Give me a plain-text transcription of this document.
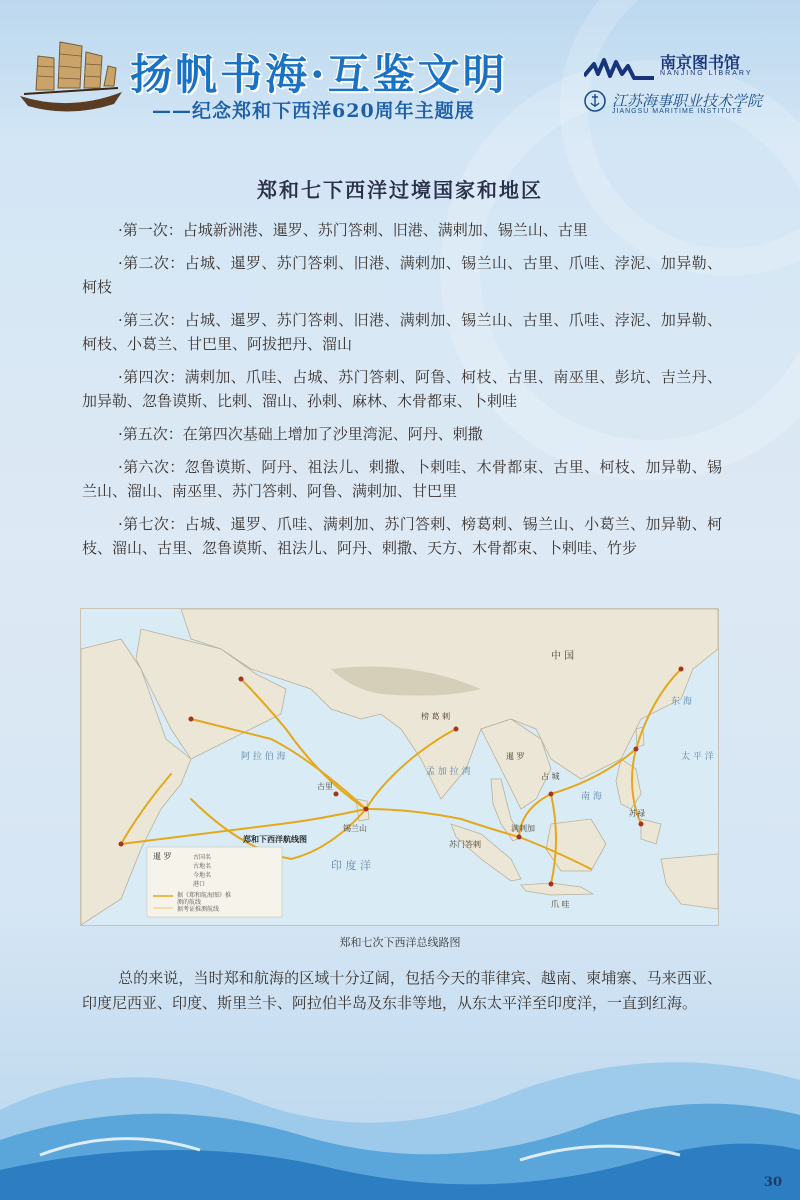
扬帆书海·互鉴文明
——纪念郑和下西洋620周年主题展
南京图书馆
NANJING LIBRARY
江苏海事职业技术学院
JIANGSU MARITIME INSTITUTE
郑和七下西洋过境国家和地区
·第一次：占城新洲港、暹罗、苏门答剌、旧港、满剌加、锡兰山、古里
·第二次：占城、暹罗、苏门答剌、旧港、满剌加、锡兰山、古里、爪哇、浡泥、加异勒、柯枝
·第三次：占城、暹罗、苏门答剌、旧港、满剌加、锡兰山、古里、爪哇、浡泥、加异勒、柯枝、小葛兰、甘巴里、阿拔把丹、溜山
·第四次：满剌加、爪哇、占城、苏门答剌、阿鲁、柯枝、古里、南巫里、彭坑、吉兰丹、加异勒、忽鲁谟斯、比剌、溜山、孙剌、麻林、木骨都束、卜剌哇
·第五次：在第四次基础上增加了沙里湾泥、阿丹、剌撒
·第六次：忽鲁谟斯、阿丹、祖法儿、剌撒、卜剌哇、木骨都束、古里、柯枝、加异勒、锡兰山、溜山、南巫里、苏门答剌、阿鲁、满剌加、甘巴里
·第七次：占城、暹罗、爪哇、满剌加、苏门答剌、榜葛剌、锡兰山、小葛兰、加异勒、柯枝、溜山、古里、忽鲁谟斯、祖法儿、阿丹、剌撒、天方、木骨都束、卜剌哇、竹步
阿 拉 伯 海
孟 加 拉 湾
印 度 洋
太 平 洋
东 海
南 海
中 国
榜 葛 剌
暹 罗
占 城
满剌加
苏门答剌
锡兰山
爪 哇
苏禄
古里
郑和下西洋航线图
暹 罗	古国名
古地名
今地名
港口
据《郑和航海图》推
测的航线
据考证推测航线
郑和七次下西洋总线路图
总的来说，当时郑和航海的区域十分辽阔，包括今天的菲律宾、越南、柬埔寨、马来西亚、印度尼西亚、印度、斯里兰卡、阿拉伯半岛及东非等地，从东太平洋至印度洋，一直到红海。
30
